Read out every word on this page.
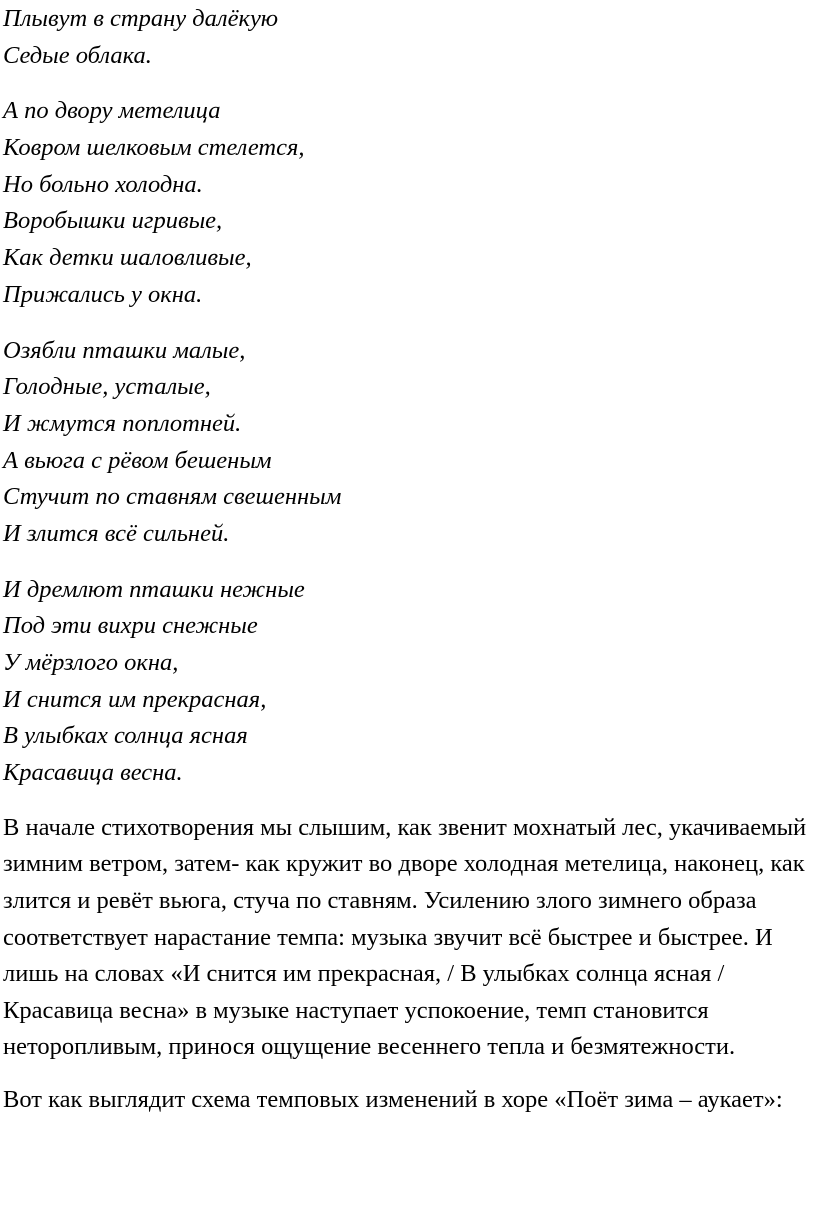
Плывут в страну далёкую
Седые облака.
А по двору метелица
Ковром шелковым стелется,
Но больно холодна.
Воробышки игривые,
Как детки шаловливые,
Прижались у окна.
Озябли пташки малые,
Голодные, усталые,
И жмутся поплотней.
А вьюга с рёвом бешеным
Стучит по ставням свешенным
И злится всё сильней.
И дремлют пташки нежные
Под эти вихри снежные
У мёрзлого окна,
И снится им прекрасная,
В улыбках солнца ясная
Красавица весна.

В начале стихотворения мы слышим, как звенит мохнатый лес, укачиваемый зимним ветром, затем- как кружит во дворе холодная метелица, наконец, как злится и ревёт вьюга, стуча по ставням. Усилению злого зимнего образа соответствует нарастание темпа: музыка звучит всё быстрее и быстрее. И лишь на словах «И снится им прекрасная, / В улыбках солнца ясная / Красавица весна» в музыке наступает успокоение, темп становится неторопливым, принося ощущение весеннего тепла и безмятежности.

Вот как выглядит схема темповых изменений в хоре «Поёт зима – аукает»:
